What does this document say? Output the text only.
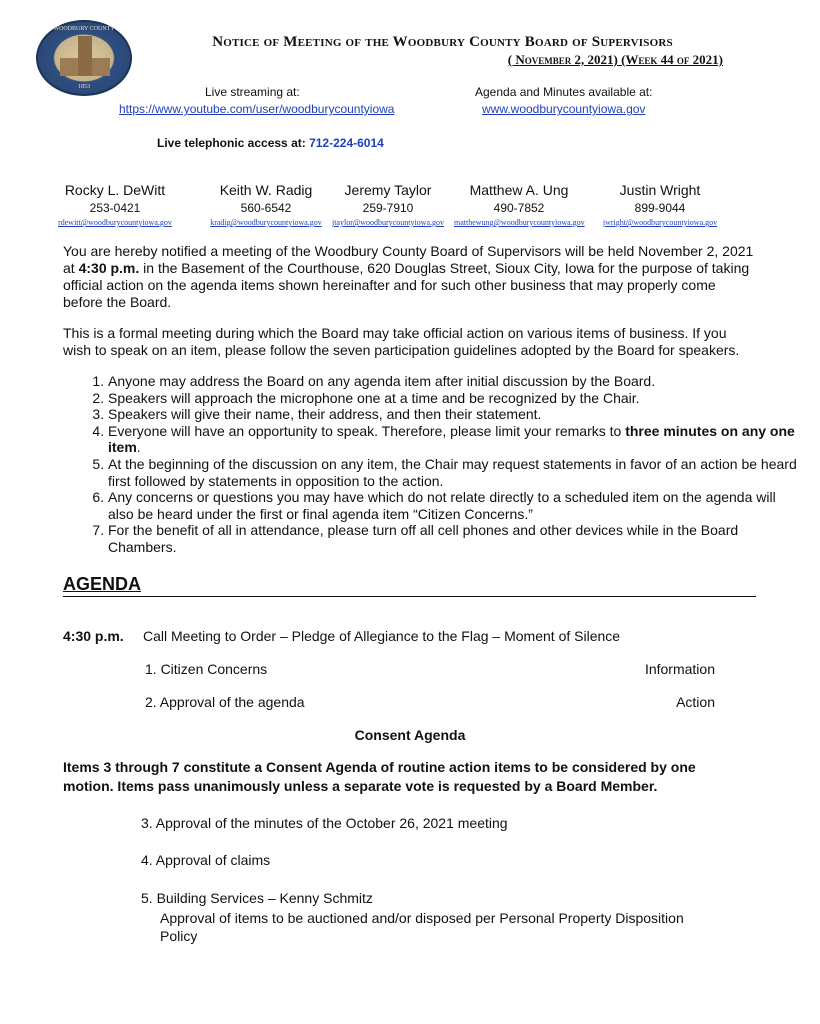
WOODBURY COUNTY
1853
Notice of Meeting of the Woodbury County Board of Supervisors
( November 2, 2021) (Week 44 of 2021)
Live streaming at:
https://www.youtube.com/user/woodburycountyiowa
Agenda and Minutes available at:
www.woodburycountyiowa.gov
Live telephonic access at: 712-224-6014
Rocky L. DeWitt
253-0421
rdewitt@woodburycountyiowa.gov
Keith W. Radig
560-6542
kradig@woodburycountyiowa.gov
Jeremy Taylor
259-7910
jtaylor@woodburycountyiowa.gov
Matthew A. Ung
490-7852
matthewung@woodburycountyiowa.gov
Justin Wright
899-9044
jwright@woodburycountyiowa.gov
You are hereby notified a meeting of the Woodbury County Board of Supervisors will be held November 2, 2021 at 4:30 p.m. in the Basement of the Courthouse, 620 Douglas Street, Sioux City, Iowa for the purpose of taking official action on the agenda items shown hereinafter and for such other business that may properly come before the Board.
This is a formal meeting during which the Board may take official action on various items of business. If you wish to speak on an item, please follow the seven participation guidelines adopted by the Board for speakers.
1. Anyone may address the Board on any agenda item after initial discussion by the Board.
2. Speakers will approach the microphone one at a time and be recognized by the Chair.
3. Speakers will give their name, their address, and then their statement.
4. Everyone will have an opportunity to speak. Therefore, please limit your remarks to three minutes on any one item.
5. At the beginning of the discussion on any item, the Chair may request statements in favor of an action be heard first followed by statements in opposition to the action.
6. Any concerns or questions you may have which do not relate directly to a scheduled item on the agenda will also be heard under the first or final agenda item “Citizen Concerns.”
7. For the benefit of all in attendance, please turn off all cell phones and other devices while in the Board Chambers.
AGENDA
4:30 p.m. Call Meeting to Order – Pledge of Allegiance to the Flag – Moment of Silence
1. Citizen Concerns	Information
2. Approval of the agenda	Action
Consent Agenda
Items 3 through 7 constitute a Consent Agenda of routine action items to be considered by one motion. Items pass unanimously unless a separate vote is requested by a Board Member.
3. Approval of the minutes of the October 26, 2021 meeting
4. Approval of claims
5. Building Services – Kenny Schmitz
Approval of items to be auctioned and/or disposed per Personal Property Disposition Policy
